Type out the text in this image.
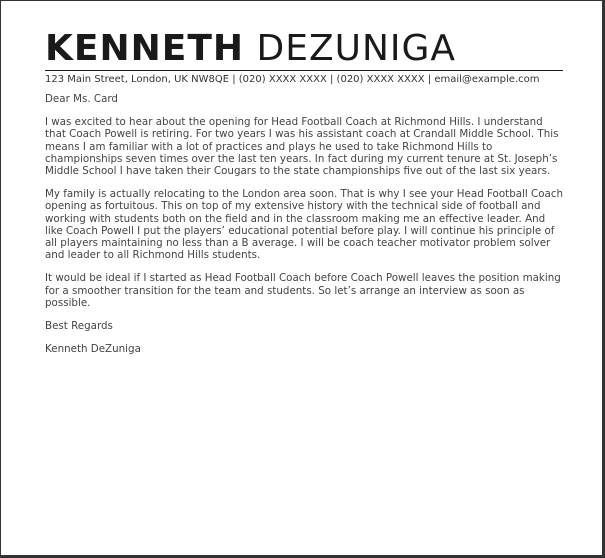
KENNETH DEZUNIGA
123 Main Street, London, UK NW8QE | (020) XXXX XXXX | (020) XXXX XXXX | email@example.com
Dear Ms. Card

I was excited to hear about the opening for Head Football Coach at Richmond Hills. I understand that Coach Powell is retiring. For two years I was his assistant coach at Crandall Middle School. This means I am familiar with a lot of practices and plays he used to take Richmond Hills to championships seven times over the last ten years. In fact during my current tenure at St. Joseph’s Middle School I have taken their Cougars to the state championships five out of the last six years.

My family is actually relocating to the London area soon. That is why I see your Head Football Coach opening as fortuitous. This on top of my extensive history with the technical side of football and working with students both on the field and in the classroom making me an effective leader. And like Coach Powell I put the players’ educational potential before play. I will continue his principle of all players maintaining no less than a B average. I will be coach teacher motivator problem solver and leader to all Richmond Hills students.

It would be ideal if I started as Head Football Coach before Coach Powell leaves the position making for a smoother transition for the team and students. So let’s arrange an interview as soon as possible.

Best Regards
Kenneth DeZuniga
